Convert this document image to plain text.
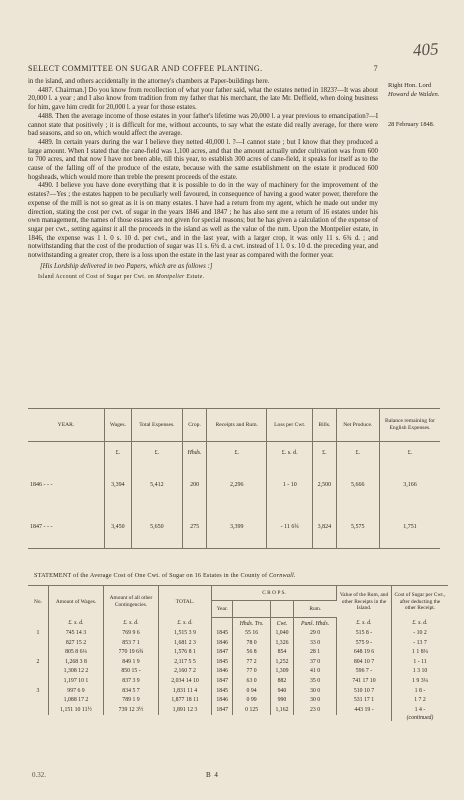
405
SELECT COMMITTEE ON SUGAR AND COFFEE PLANTING.	7
Right Hon. Lord
Howard de Walden.
28 February 1848.

in the island, and others accidentally in the attorney's chambers at Paper-buildings here.

4487. Chairman.] Do you know from recollection of what your father said, what the estates netted in 1823?—It was about 20,000 l. a year ; and I also know from tradition from my father that his merchant, the late Mr. Deffield, when doing business for him, gave him credit for 20,000 l. a year for those estates.

4488. Then the average income of those estates in your father's lifetime was 20,000 l. a year previous to emancipation?—I cannot state that positively ; it is difficult for me, without accounts, to say what the estate did really average, for there were bad seasons, and so on, which would affect the average.

4489. In certain years during the war I believe they netted 40,000 l. ?—I cannot state ; but I know that they produced a large amount. When I stated that the cane-field was 1,100 acres, and that the amount actually under cultivation was from 600 to 700 acres, and that now I have not been able, till this year, to establish 300 acres of cane-field, it speaks for itself as to the cause of the falling off of the produce of the estate, because with the same establishment on the estate it produced 600 hogsheads, which would more than treble the present proceeds of the estate.

4490. I believe you have done everything that it is possible to do in the way of machinery for the improvement of the estates?—Yes ; the estates happen to be peculiarly well favoured, in consequence of having a good water power, therefore the expense of the mill is not so great as it is on many estates. I have had a return from my agent, which he made out under my direction, stating the cost per cwt. of sugar in the years 1846 and 1847 ; he has also sent me a return of 16 estates under his own management, the names of those estates are not given for special reasons; but he has given a calculation of the expense of sugar per cwt., setting against it all the proceeds in the island as well as the value of the rum. Upon the Montpelier estate, in 1846, the expense was 1 l. 0 s. 10 d. per cwt., and in the last year, with a larger crop, it was only 11 s. 6¾ d. ; and notwithstanding that the cost of the production of sugar was 11 s. 6¾ d. a cwt. instead of 1 l. 0 s. 10 d. the preceding year, and notwithstanding a greater crop, there is a loss upon the estate in the last year as compared with the former year.

[His Lordship delivered in two Papers, which are as follows :]

Island Account of Cost of Sugar per Cwt. on Montpelier Estate.
YEAR.	Wages.	Total Expenses.	Crop.	Receipts and Rum.	Loss per Cwt.	Bills.	Net Produce.	Balance remaining for English Expenses.
	£.	£.	Hhds.	£.	£. s. d.	£.	£.	£.
1846 - - -	3,394	5,412	200	2,296	1 - 10	2,500	5,666	3,166
1847 - - -	3,450	5,650	275	3,399	- 11 6¾	3,824	5,575	1,751
STATEMENT of the Average Cost of One Cwt. of Sugar on 16 Estates in the County of Cornwall.
No.	Amount of Wages.	Amount of all other Contingencies.	TOTAL.	C R O P S.				Value of the Rum, and other Receipts in the Island.	Cost of Sugar per Cwt., after deducting the other Receipt.
				Year.			Rum.		
	£. s. d.	£. s. d.	£. s. d.		Hhds. Trs.	Cwt.	Punš. Hhds.	£. s. d.	£. s. d.
1	745 14 3	769 9 6	1,515 3 9	1845	55 16	1,040	29 0	515 8 -	- 10 2
	827 15 2	853 7 1	1,681 2 3	1846	78 0	1,326	33 0	575 9 -	- 13 7
	805 8 6¼	770 19 6¾	1,576 8 1	1847	56 8	854	28 1	648 19 6	1 1 8¼
2	1,268 3 8	849 1 9	2,117 5 5	1845	77 2	1,252	37 0	804 10 7	1 - 11
	1,308 12 2	850 15 -	2,160 7 2	1846	77 0	1,309	41 0	596 7 -	1 3 10
	1,197 10 1	837 3 9	2,034 14 10	1847	63 0	882	35 0	741 17 10	1 9 3¼
3	997 6 9	834 5 7	1,831 11 4	1845	0 94	940	30 0	510 10 7	1 8 -
	1,088 17 2	789 1 9	1,877 18 11	1846	0 99	990	30 0	531 17 1	1 7 2
	1,151 10 11½	739 12 3½	1,891 12 3	1847	0 125	1,162	23 0	443 19 -	1 4 -
									(continued)
0.32.	B 4
